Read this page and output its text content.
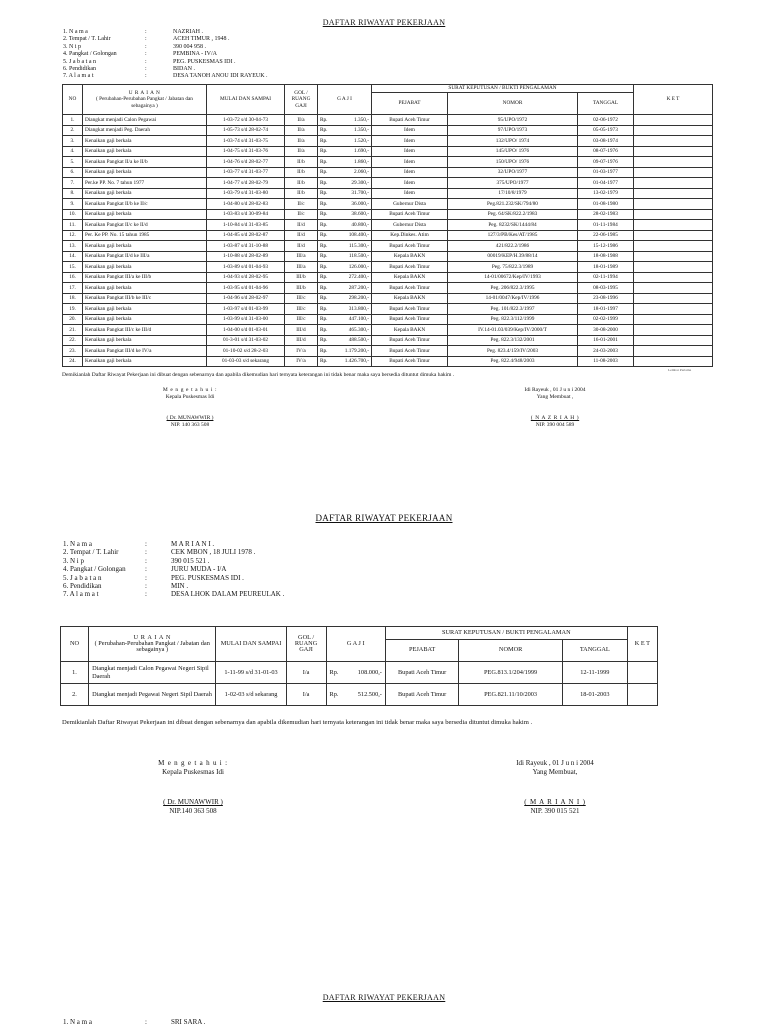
DAFTAR RIWAYAT PEKERJAAN
1. N a m a	:	NAZRIAH .
2. Tempat / T. Lahir	:	ACEH TIMUR , 1948 .
3. N i p	:	390 004 958 .
4. Pangkat / Golongan	:	PEMBINA - IV/A
5. J a b a t a n	:	PEG. PUSKESMAS IDI .
6. Pendidikan	:	BIDAN .
7. A l a m a t	:	DESA TANOH ANOU IDI RAYEUK .
NO	U R A I A N
( Perubahan-Perubahan Pangkat / Jabatan dan sebagainya )	MULAI DAN SAMPAI	GOL / RUANG GAJI	G A J I		SURAT KEPUTUSAN / BUKTI PENGALAMAN			K E T
						PEJABAT	NOMOR	TANGGAL	
1.	Diangkat menjadi Calon Pegawai	1-03-72 s/d 30-04-73	II/a	Rp.	1.350,-	Bupati Aceh Timur	95/UPO/1972	02-06-1972	
2.	Diangkat menjadi Peg. Daerah	1-05-73 s/d 28-02-74	II/a	Rp.	1.350,-	Idem	97/UPO/1973	05-05-1973	
3.	Kenaikan gaji berkala	1-03-74 s/d 31-03-75	II/a	Rp.	1.520,-	Idem	132/UPO/ 1974	03-08-1974	
4.	Kenaikan gaji berkala	1-04-75 s/d 31-03-76	II/a	Rp.	1.690,-	Idem	145/UPO/ 1976	08-07-1976	
5.	Kenaikan Pangkat II/a ke II/b	1-04-76 s/d 28-02-77	II/b	Rp.	1.860,-	Idem	150/UPO/ 1976	09-07-1976	
6.	Kenaikan gaji berkala	1-03-77 s/d 31-03-77	II/b	Rp.	2.060,-	Idem	32/UPO/1977	01-03-1977	
7.	Per.ke PP. No. 7 tahun 1977	1-04-77 s/d 28-02-79	II/b	Rp.	29.300,-	Idem	375/UPO/1977	01-04-1977	
8.	Kenaikan gaji berkala	1-03-79 s/d 31-03-80	II/b	Rp.	31.700,-	Idem	17/10/8/1979	13-02-1979	
9.	Kenaikan Pangkat II/b ke II/c	1-04-80 s/d 28-02-83	II/c	Rp.	36.000,-	Gubernur Dista	Peg.821.232/SK/794/80	01-08-1980	
10.	Kenaikan gaji berkala	1-03-83 s/d 30-09-84	II/c	Rp.	38.600,-	Bupati Aceh Timur	Peg. 64/SK/822.2/1983	28-02-1983	
11.	Kenaikan Pangkat II/c ke II/d	1-10-84 s/d 31-03-85	II/d	Rp.	40.800,-	Gubernur Dista	Peg. 8232/SK/1444/84	01-11-1984	
12.	Per. Ke PP. No. 15 tahun 1985	1-04-85 s/d 28-02-87	II/d	Rp.	108.400,-	Kep.Dinkes. Atim	127/3/PB/Kes/AT/1985	22-06-1985	
13.	Kenaikan gaji berkala	1-03-87 s/d 31-10-88	II/d	Rp.	115.300,-	Bupati Aceh Timur	421/822.2/1986	15-12-1986	
14.	Kenaikan Pangkat II/d ke III/a	1-10-88 s/d 28-02-89	III/a	Rp.	118.500,-	Kepala BAKN	00019/KEP/H.39/88/14	18-08-1988	
15.	Kenaikan gaji berkala	1-03-89 s/d 01-04-93	III/a	Rp.	126.000,-	Bupati Aceh Timur	Peg. 75/822.3/1989	18-01-1989	
16.	Kenaikan Pangkat III/a ke III/b	1-04-93 s/d 28-02-95	III/b	Rp.	272.400,-	Kepala BAKN	14-01/00672/Kep/IV/1993	02-11-1994	
17.	Kenaikan gaji berkala	1-03-95 s/d 01-04-96	III/b	Rp.	287.200,-	Bupati Aceh Timur	Peg. 206/822.3/1995	08-03-1995	
18.	Kenaikan Pangkat III/b ke III/c	1-04-96 s/d 28-02-97	III/c	Rp.	298.200,-	Kepala BAKN	14-01/0047/Kep/IV/1996	23-08-1996	
19.	Kenaikan gaji berkala	1-03-97 s/d 01-03-99	III/c	Rp.	313.800,-	Bupati Aceh Timur	Peg. 101/822.3/1997	18-01-1997	
20.	Kenaikan gaji berkala	1-03-99 s/d 31-03-00	III/c	Rp.	447.100,-	Bupati Aceh Timur	Peg. 822.3/112/1999	02-02-1999	
21.	Kenaikan Pangkat III/c ke III/d	1-04-00 s/d 01-03-01	III/d	Rp.	465.300,-	Kepala BAKN	IV.14-01.03/039/Kep/IV/2000/T	30-08-2000	
22.	Kenaikan gaji berkala	01-3-01 s/d 31-03-02	III/d	Rp.	488.500,-	Bupati Aceh Timur	Peg. 822.3/132/2001	16-01-2001	
23.	Kenaikan Pangkat III/d ke IV/a	01-10-02 s/d 28-2-03	IV/a	Rp.	1.179.200,-	Bupati Aceh Timur	Peg. 823.4/159/IV/2003	24-03-2003	
24.	Kenaikan gaji berkala	01-03-03 s/d sekarang	IV/a	Rp.	1.426.700,-	Bupati Aceh Timur	Peg. 822.4/948/2003	11-08-2003	
Lembar Pertama
Demikianlah Daftar Riwayat Pekerjaan ini dibuat dengan sebenarnya dan apabila dikemudian hari ternyata keterangan ini tidak benar maka saya bersedia dituntut dimuka hakim .
M e n g e t a h u i :
Kepala Puskesmas Idi
( Dr. MUNAWWIR )
NIP. 140 363 508
Idi Rayeuk , 01 J u n i 2004
Yang Membuat ,
( N A Z R I A H )
NIP. 390 004 589
DAFTAR RIWAYAT PEKERJAAN
1. N a m a	:	M A R I A N I .
2. Tempat / T. Lahir	:	CEK MBON , 18 JULI 1978 .
3. N i p	:	390 015 521 .
4. Pangkat / Golongan	:	JURU MUDA - I/A
5. J a b a t a n	:	PEG. PUSKESMAS IDI .
6. Pendidikan	:	MIN .
7. A l a m a t	:	DESA LHOK DALAM PEUREULAK .
NO	U R A I A N
( Perubahan-Perubahan Pangkat / Jabatan dan sebagainya )	MULAI DAN SAMPAI	GOL / RUANG GAJI	G A J I		SURAT KEPUTUSAN / BUKTI PENGALAMAN			K E T
						PEJABAT	NOMOR	TANGGAL	
1.	Diangkat menjadi Calon Pegawai Negeri Sipil Daerah	1-11-99 s/d 31-01-03	I/a	Rp.	108.000,-	Bupati Aceh Timur	PEG.813.1/204/1999	12-11-1999	
2.	Diangkat menjadi Pegawai Negeri Sipil Daerah	1-02-03 s/d sekarang	I/a	Rp.	512.500,-	Bupati Aceh Timur	PEG.821.11/10/2003	18-01-2003	
Demikianlah Daftar Riwayat Pekerjaan ini dibuat dengan sebenarnya dan apabila dikemudian hari ternyata keterangan ini tidak benar maka saya bersedia dituntut dimuka hakim .
M e n g e t a h u i :
Kepala Puskesmas Idi
( Dr. MUNAWWIR )
NIP.140 363 508
Idi Rayeuk , 01 J u n i 2004
Yang Membuat,
( M A R I A N I )
NIP. 390 015 521
DAFTAR RIWAYAT PEKERJAAN
1. N a m a	:	SRI SARA .
